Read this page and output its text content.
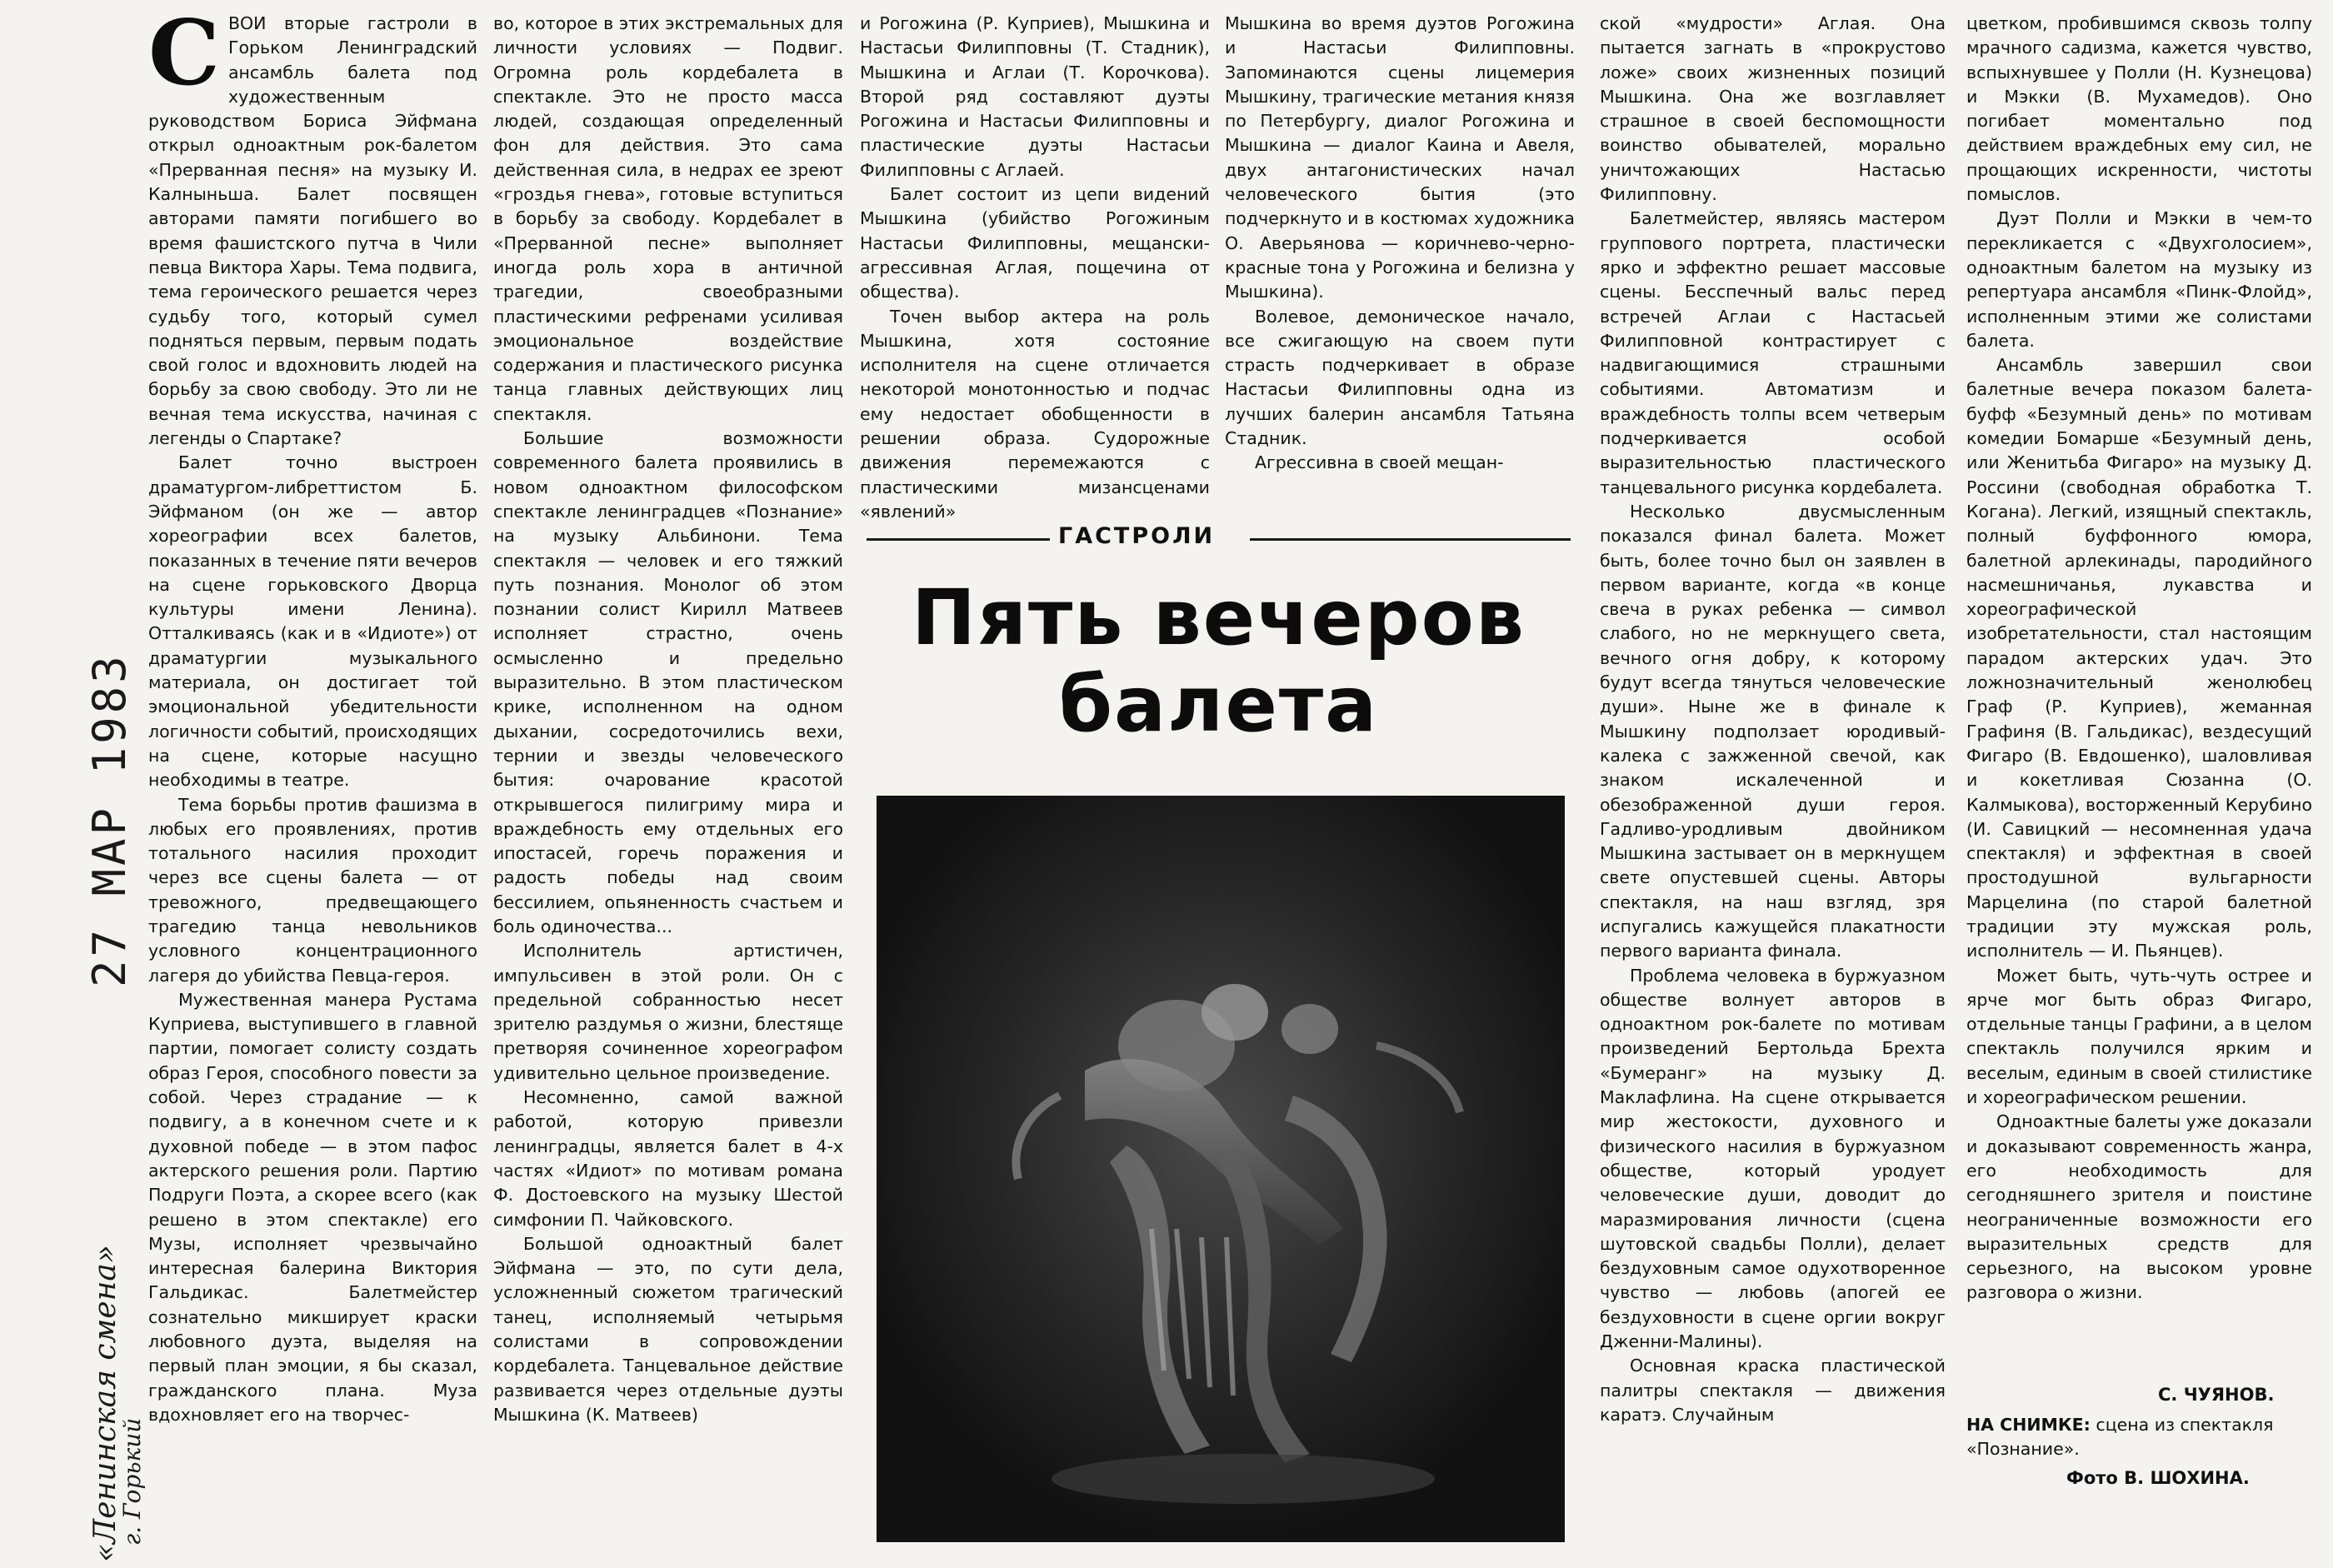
27 МАР 1983
«Ленинская смена»
г. Горький
С ВОИ вторые гастроли в Горьком Ленинградский ансамбль балета под художественным руководством Бориса Эйфмана открыл одноактным рок-балетом «Прерванная песня» на музыку И. Калныньша. Балет посвящен авторами памяти погибшего во время фашистского путча в Чили певца Виктора Хары. Тема подвига, тема героического решается через судьбу того, который сумел подняться первым, первым подать свой голос и вдохновить людей на борьбу за свою свободу. Это ли не вечная тема искусства, начиная с легенды о Спартаке?

Балет точно выстроен драматургом-либреттистом Б. Эйфманом (он же — автор хореографии всех балетов, показанных в течение пяти вечеров на сцене горьковского Дворца культуры имени Ленина). Отталкиваясь (как и в «Идиоте») от драматургии музыкального материала, он достигает той эмоциональной убедительности логичности событий, происходящих на сцене, которые насущно необходимы в театре.

Тема борьбы против фашизма в любых его проявлениях, против тотального насилия проходит через все сцены балета — от тревожного, предвещающего трагедию танца невольников условного концентрационного лагеря до убийства Певца-героя.

Мужественная манера Рустама Куприева, выступившего в главной партии, помогает солисту создать образ Героя, способного повести за собой. Через страдание — к подвигу, а в конечном счете и к духовной победе — в этом пафос актерского решения роли. Партию Подруги Поэта, а скорее всего (как решено в этом спектакле) его Музы, исполняет чрезвычайно интересная балерина Виктория Гальдикас. Балетмейстер сознательно микширует краски любовного дуэта, выделяя на первый план эмоции, я бы сказал, гражданского плана. Муза вдохновляет его на творчес-

во, которое в этих экстремальных для личности условиях — Подвиг. Огромна роль кордебалета в спектакле. Это не просто масса людей, создающая определенный фон для действия. Это сама действенная сила, в недрах ее зреют «гроздья гнева», готовые вступиться в борьбу за свободу. Кордебалет в «Прерванной песне» выполняет иногда роль хора в античной трагедии, своеобразными пластическими рефренами усиливая эмоциональное воздействие содержания и пластического рисунка танца главных действующих лиц спектакля.

Большие возможности современного балета проявились в новом одноактном философском спектакле ленинградцев «Познание» на музыку Альбинони. Тема спектакля — человек и его тяжкий путь познания. Монолог об этом познании солист Кирилл Матвеев исполняет страстно, очень осмысленно и предельно выразительно. В этом пластическом крике, исполненном на одном дыхании, сосредоточились вехи, тернии и звезды человеческого бытия: очарование красотой открывшегося пилигриму мира и враждебность ему отдельных его ипостасей, горечь поражения и радость победы над своим бессилием, опьяненность счастьем и боль одиночества...

Исполнитель артистичен, импульсивен в этой роли. Он с предельной собранностью несет зрителю раздумья о жизни, блестяще претворяя сочиненное хореографом удивительно цельное произведение.

Несомненно, самой важной работой, которую привезли ленинградцы, является балет в 4-х частях «Идиот» по мотивам романа Ф. Достоевского на музыку Шестой симфонии П. Чайковского.

Большой одноактный балет Эйфмана — это, по сути дела, усложненный сюжетом трагический танец, исполняемый четырьмя солистами в сопровождении кордебалета. Танцевальное действие развивается через отдельные дуэты Мышкина (К. Матвеев)

и Рогожина (Р. Куприев), Мышкина и Настасьи Филипповны (Т. Стадник), Мышкина и Аглаи (Т. Корочкова). Второй ряд составляют дуэты Рогожина и Настасьи Филипповны и пластические дуэты Настасьи Филипповны с Аглаей.

Балет состоит из цепи видений Мышкина (убийство Рогожиным Настасьи Филипповны, мещански-агрессивная Аглая, пощечина от общества).

Точен выбор актера на роль Мышкина, хотя состояние исполнителя на сцене отличается некоторой монотонностью и подчас ему недостает обобщенности в решении образа. Судорожные движения перемежаются с пластическими мизансценами «явлений»

Мышкина во время дуэтов Рогожина и Настасьи Филипповны. Запоминаются сцены лицемерия Мышкину, трагические метания князя по Петербургу, диалог Рогожина и Мышкина — диалог Каина и Авеля, двух антагонистических начал человеческого бытия (это подчеркнуто и в костюмах художника О. Аверьянова — коричнево-черно-красные тона у Рогожина и белизна у Мышкина).

Волевое, демоническое начало, все сжигающую на своем пути страсть подчеркивает в образе Настасьи Филипповны одна из лучших балерин ансамбля Татьяна Стадник.

Агрессивна в своей мещан-

ГАСТРОЛИ
Пять вечеров
балета

ской «мудрости» Аглая. Она пытается загнать в «прокрустово ложе» своих жизненных позиций Мышкина. Она же возглавляет страшное в своей беспомощности воинство обывателей, морально уничтожающих Настасью Филипповну.

Балетмейстер, являясь мастером группового портрета, пластически ярко и эффектно решает массовые сцены. Бесспечный вальс перед встречей Аглаи с Настасьей Филипповной контрастирует с надвигающимися страшными событиями. Автоматизм и враждебность толпы всем четверым подчеркивается особой выразительностью пластического танцевального рисунка кордебалета.

Несколько двусмысленным показался финал балета. Может быть, более точно был он заявлен в первом варианте, когда «в конце свеча в руках ребенка — символ слабого, но не меркнущего света, вечного огня добру, к которому будут всегда тянуться человеческие души». Ныне же в финале к Мышкину подползает юродивый-калека с зажженной свечой, как знаком искалеченной и обезображенной души героя. Гадливо-уродливым двойником Мышкина застывает он в меркнущем свете опустевшей сцены. Авторы спектакля, на наш взгляд, зря испугались кажущейся плакатности первого варианта финала.

Проблема человека в буржуазном обществе волнует авторов в одноактном рок-балете по мотивам произведений Бертольда Брехта «Бумеранг» на музыку Д. Маклафлина. На сцене открывается мир жестокости, духовного и физического насилия в буржуазном обществе, который уродует человеческие души, доводит до маразмирования личности (сцена шутовской свадьбы Полли), делает бездуховным самое одухотворенное чувство — любовь (апогей ее бездуховности в сцене оргии вокруг Дженни-Малины).

Основная краска пластической палитры спектакля — движения каратэ. Случайным

цветком, пробившимся сквозь толпу мрачного садизма, кажется чувство, вспыхнувшее у Полли (Н. Кузнецова) и Мэкки (В. Мухамедов). Оно погибает моментально под действием враждебных ему сил, не прощающих искренности, чистоты помыслов.

Дуэт Полли и Мэкки в чем-то перекликается с «Двухголосием», одноактным балетом на музыку из репертуара ансамбля «Пинк-Флойд», исполненным этими же солистами балета.

Ансамбль завершил свои балетные вечера показом балета-буфф «Безумный день» по мотивам комедии Бомарше «Безумный день, или Женитьба Фигаро» на музыку Д. Россини (свободная обработка Т. Когана). Легкий, изящный спектакль, полный буффонного юмора, балетной арлекинады, пародийного насмешничанья, лукавства и хореографической изобретательности, стал настоящим парадом актерских удач. Это ложнозначительный женолюбец Граф (Р. Куприев), жеманная Графиня (В. Гальдикас), вездесущий Фигаро (В. Евдошенко), шаловливая и кокетливая Сюзанна (О. Калмыкова), восторженный Керубино (И. Савицкий — несомненная удача спектакля) и эффектная в своей простодушной вульгарности Марцелина (по старой балетной традиции эту мужская роль, исполнитель — И. Пьянцев).

Может быть, чуть-чуть острее и ярче мог быть образ Фигаро, отдельные танцы Графини, а в целом спектакль получился ярким и веселым, единым в своей стилистике и хореографическом решении.

Одноактные балеты уже доказали и доказывают современность жанра, его необходимость для сегодняшнего зрителя и поистине неограниченные возможности его выразительных средств для серьезного, на высоком уровне разговора о жизни.

С. ЧУЯНОВ.
НА СНИМКЕ: сцена из спектакля «Познание».
Фото В. ШОХИНА.
